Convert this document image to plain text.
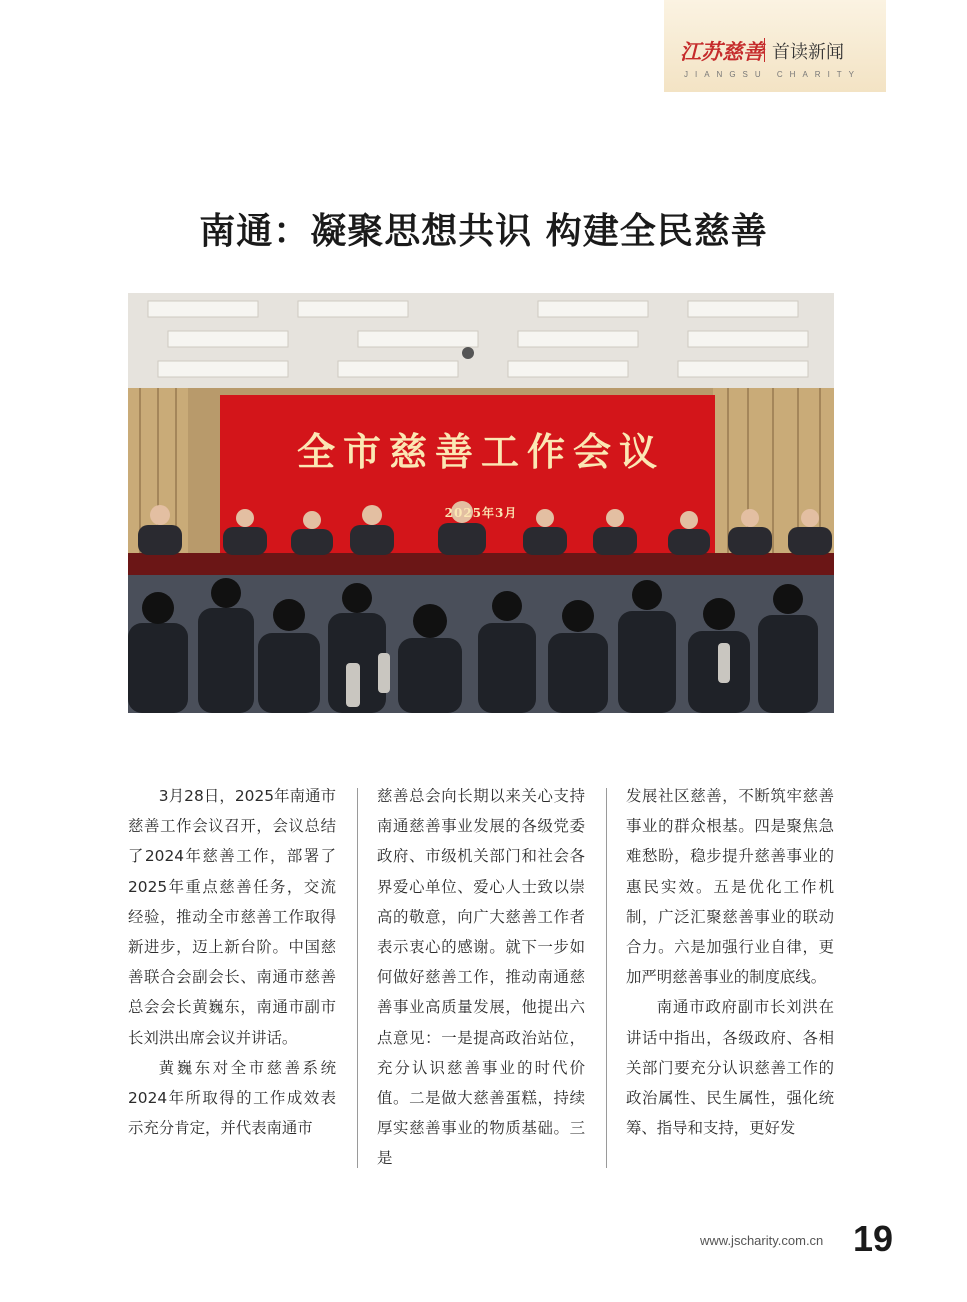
江苏慈善 首读新闻
JIANGSU CHARITY
南通：凝聚思想共识 构建全民慈善
全市慈善工作会议
2025年3月

3月28日，2025年南通市慈善工作会议召开，会议总结了2024年慈善工作，部署了2025年重点慈善任务，交流经验，推动全市慈善工作取得新进步，迈上新台阶。中国慈善联合会副会长、南通市慈善总会会长黄巍东，南通市副市长刘洪出席会议并讲话。

黄巍东对全市慈善系统2024年所取得的工作成效表示充分肯定，并代表南通市

慈善总会向长期以来关心支持南通慈善事业发展的各级党委政府、市级机关部门和社会各界爱心单位、爱心人士致以崇高的敬意，向广大慈善工作者表示衷心的感谢。就下一步如何做好慈善工作，推动南通慈善事业高质量发展，他提出六点意见：一是提高政治站位，充分认识慈善事业的时代价值。二是做大慈善蛋糕，持续厚实慈善事业的物质基础。三是

发展社区慈善，不断筑牢慈善事业的群众根基。四是聚焦急难愁盼，稳步提升慈善事业的惠民实效。五是优化工作机制，广泛汇聚慈善事业的联动合力。六是加强行业自律，更加严明慈善事业的制度底线。

南通市政府副市长刘洪在讲话中指出，各级政府、各相关部门要充分认识慈善工作的政治属性、民生属性，强化统筹、指导和支持，更好发

www.jscharity.com.cn 19
